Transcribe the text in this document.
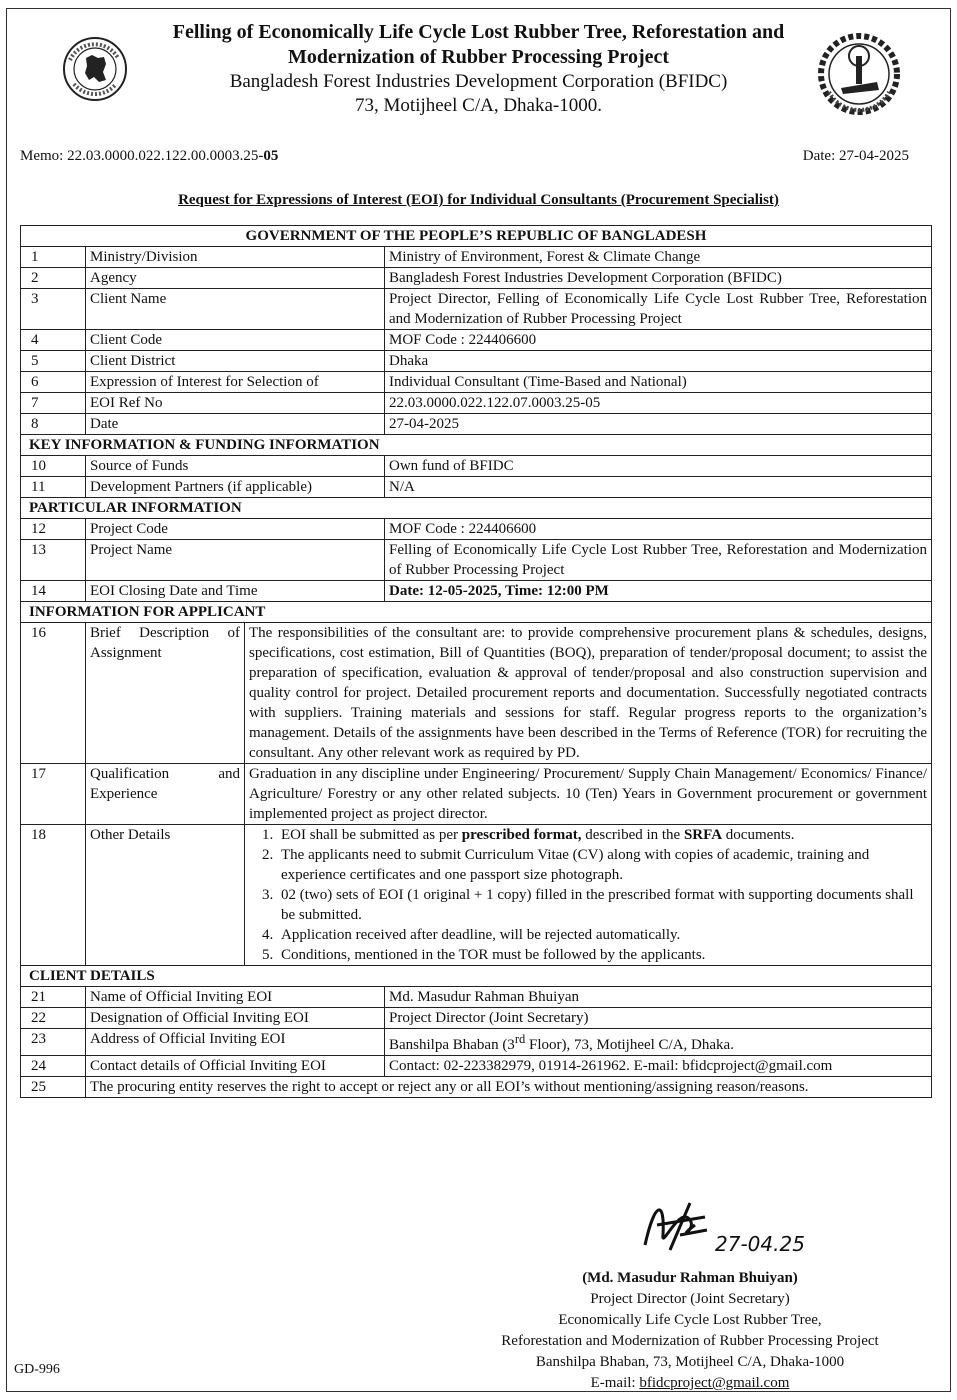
Felling of Economically Life Cycle Lost Rubber Tree, Reforestation and
Modernization of Rubber Processing Project
Bangladesh Forest Industries Development Corporation (BFIDC)
73, Motijheel C/A, Dhaka-1000.
Memo: 22.03.0000.022.122.00.0003.25-05	Date: 27-04-2025
Request for Expressions of Interest (EOI) for Individual Consultants (Procurement Specialist)
GOVERNMENT OF THE PEOPLE’S REPUBLIC OF BANGLADESH
1	Ministry/Division	Ministry of Environment, Forest & Climate Change
2	Agency	Bangladesh Forest Industries Development Corporation (BFIDC)
3	Client Name	Project Director, Felling of Economically Life Cycle Lost Rubber Tree, Reforestation and Modernization of Rubber Processing Project
4	Client Code	MOF Code : 224406600
5	Client District	Dhaka
6	Expression of Interest for Selection of	Individual Consultant (Time-Based and National)
7	EOI Ref No	22.03.0000.022.122.07.0003.25-05
8	Date	27-04-2025
KEY INFORMATION & FUNDING INFORMATION
10	Source of Funds	Own fund of BFIDC
11	Development Partners (if applicable)	N/A
PARTICULAR INFORMATION
12	Project Code	MOF Code : 224406600
13	Project Name	Felling of Economically Life Cycle Lost Rubber Tree, Reforestation and Modernization of Rubber Processing Project
14	EOI Closing Date and Time	Date: 12-05-2025, Time: 12:00 PM
INFORMATION FOR APPLICANT
16		Brief Description of Assignment	The responsibilities of the consultant are: to provide comprehensive procurement plans & schedules, designs, specifications, cost estimation, Bill of Quantities (BOQ), preparation of tender/proposal document; to assist the preparation of specification, evaluation & approval of tender/proposal and also construction supervision and quality control for project. Detailed procurement reports and documentation. Successfully negotiated contracts with suppliers. Training materials and sessions for staff. Regular progress reports to the organization’s management. Details of the assignments have been described in the Terms of Reference (TOR) for recruiting the consultant. Any other relevant work as required by PD.

17		Qualification and Experience	Graduation in any discipline under Engineering/ Procurement/ Supply Chain Management/ Economics/ Finance/ Agriculture/ Forestry or any other related subjects. 10 (Ten) Years in Government procurement or government implemented project as project director.

18		Other Details	
1.EOI shall be submitted as per prescribed format, described in the SRFA documents.
2. The applicants need to submit Curriculum Vitae (CV) along with copies of academic, training and experience certificates and one passport size photograph.
3. 02 (two) sets of EOI (1 original + 1 copy) filled in the prescribed format with supporting documents shall be submitted.
4. Application received after deadline, will be rejected automatically.
5. Conditions, mentioned in the TOR must be followed by the applicants.

CLIENT DETAILS
21	Name of Official Inviting EOI	Md. Masudur Rahman Bhuiyan
22	Designation of Official Inviting EOI	Project Director (Joint Secretary)
23	Address of Official Inviting EOI	Banshilpa Bhaban (3rd Floor), 73, Motijheel C/A, Dhaka.
24	Contact details of Official Inviting EOI	Contact: 02-223382979, 01914-261962. E-mail: bfidcproject@gmail.com
25	The procuring entity reserves the right to accept or reject any or all EOI’s without mentioning/assigning reason/reasons.
27-04.25
(Md. Masudur Rahman Bhuiyan)
Project Director (Joint Secretary)
Economically Life Cycle Lost Rubber Tree,
Reforestation and Modernization of Rubber Processing Project
Banshilpa Bhaban, 73, Motijheel C/A, Dhaka-1000
E-mail: bfidcproject@gmail.com
GD-996
